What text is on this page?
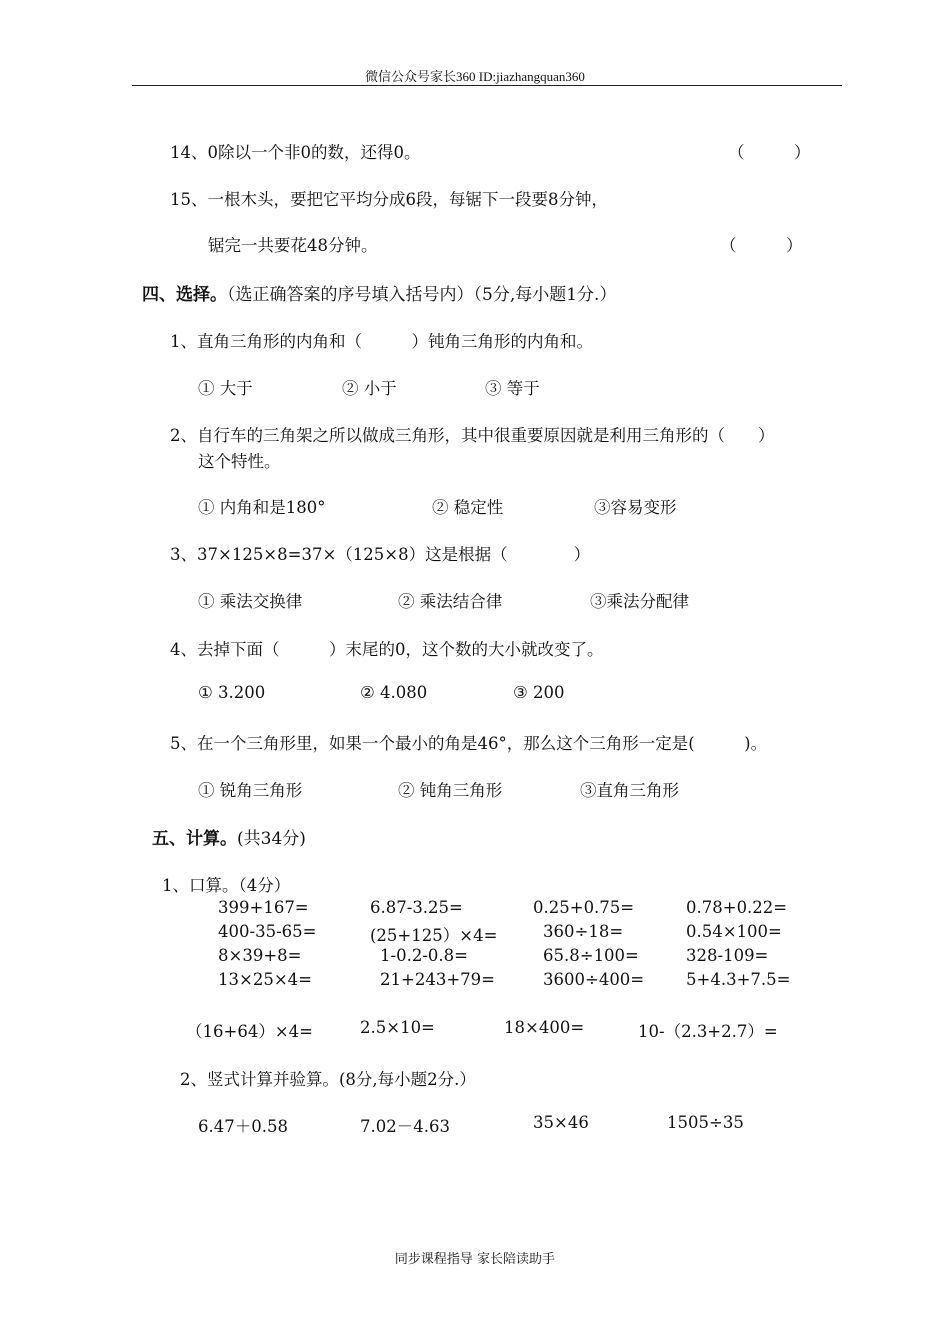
微信公众号家长360 ID:jiazhangquan360
14、0除以一个非0的数，还得0。	（　　　）
15、一根木头，要把它平均分成6段，每锯下一段要8分钟，
锯完一共要花48分钟。	（　　　）
四、选择。（选正确答案的序号填入括号内）（5分,每小题1分.）
1、直角三角形的内角和（　　　）钝角三角形的内角和。
① 大于	② 小于	③ 等于
2、自行车的三角架之所以做成三角形，其中很重要原因就是利用三角形的（　　）
这个特性。
① 内角和是180°	② 稳定性	③容易变形
3、37×125×8=37×（125×8）这是根据（　　　　）
① 乘法交换律	② 乘法结合律	③乘法分配律
4、去掉下面（　　　）末尾的0，这个数的大小就改变了。
① 3.200	② 4.080	③ 200
5、在一个三角形里，如果一个最小的角是46°，那么这个三角形一定是(　　　)。
① 锐角三角形	② 钝角三角形	③直角三角形
五、计算。(共34分)
1、口算。（4分）
399+167=	6.87-3.25=	0.25+0.75=	0.78+0.22=
400-35-65=	(25+125）×4=	360÷18=	0.54×100=
8×39+8=	1-0.2-0.8=	65.8÷100=	328-109=
13×25×4=	21+243+79=	3600÷400=	5+4.3+7.5=
（16+64）×4=	2.5×10=	18×400=	10-（2.3+2.7）=
2、竖式计算并验算。(8分,每小题2分.）
6.47＋0.58	7.02－4.63	35×46	1505÷35
同步课程指导 家长陪读助手
